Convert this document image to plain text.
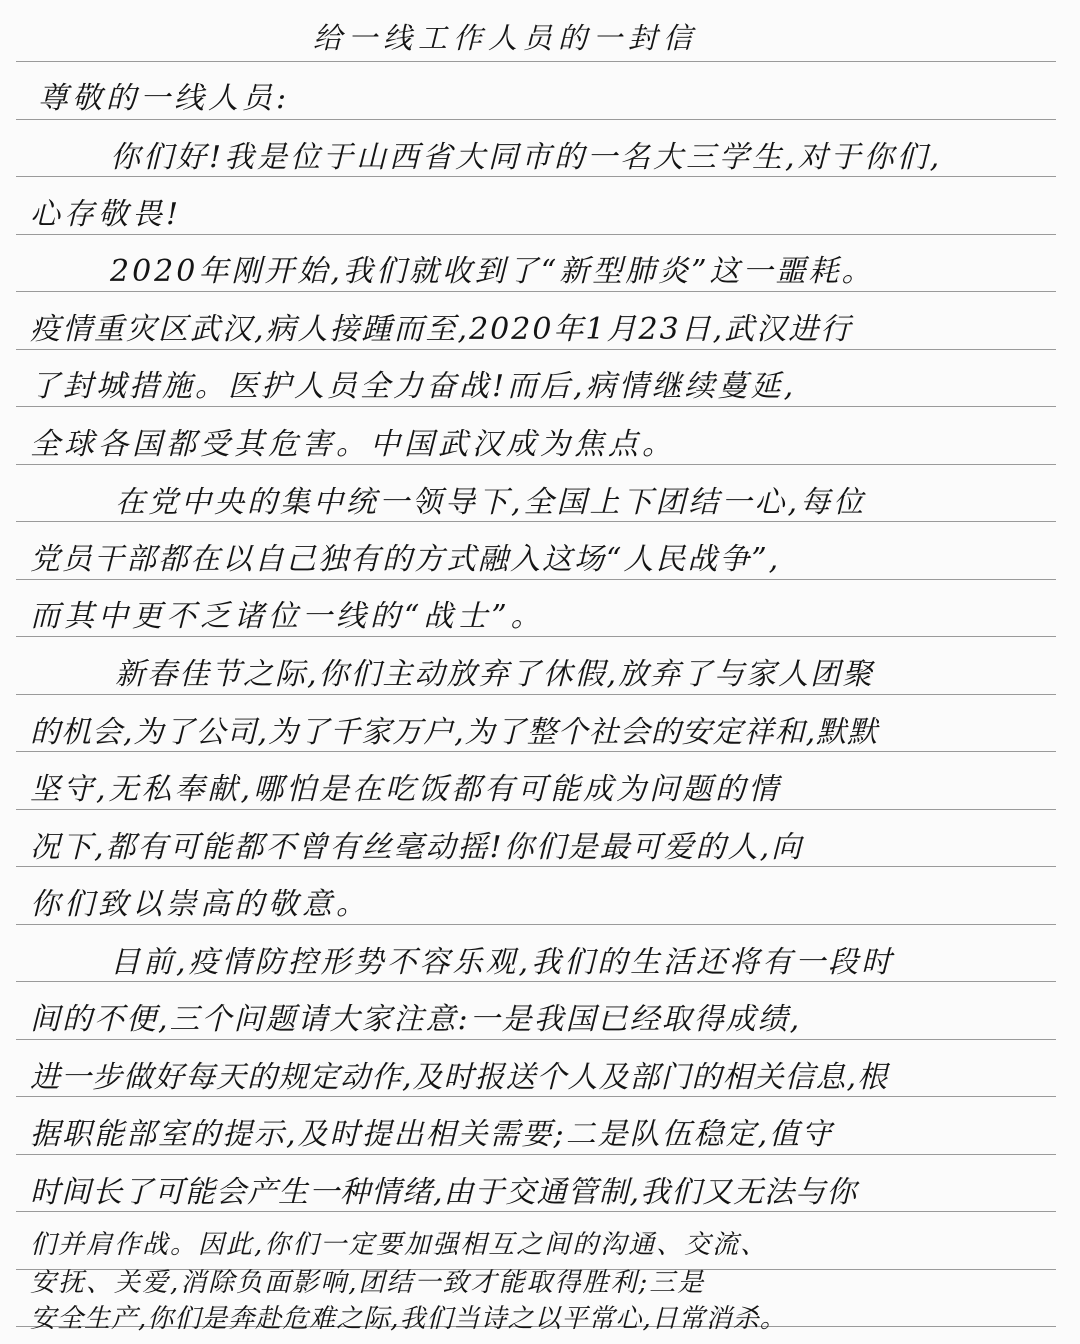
给一线工作人员的一封信

尊敬的一线人员:

你们好!我是位于山西省大同市的一名大三学生,对于你们,

心存敬畏!

2020年刚开始,我们就收到了“新型肺炎”这一噩耗。

疫情重灾区武汉,病人接踵而至,2020年1月23日,武汉进行

了封城措施。医护人员全力奋战!而后,病情继续蔓延,

全球各国都受其危害。中国武汉成为焦点。

在党中央的集中统一领导下,全国上下团结一心,每位

党员干部都在以自己独有的方式融入这场“人民战争”,

而其中更不乏诸位一线的“战士”。

新春佳节之际,你们主动放弃了休假,放弃了与家人团聚

的机会,为了公司,为了千家万户,为了整个社会的安定祥和,默默

坚守,无私奉献,哪怕是在吃饭都有可能成为问题的情

况下,都有可能都不曾有丝毫动摇!你们是最可爱的人,向

你们致以崇高的敬意。

目前,疫情防控形势不容乐观,我们的生活还将有一段时

间的不便,三个问题请大家注意:一是我国已经取得成绩,

进一步做好每天的规定动作,及时报送个人及部门的相关信息,根

据职能部室的提示,及时提出相关需要;二是队伍稳定,值守

时间长了可能会产生一种情绪,由于交通管制,我们又无法与你

们并肩作战。因此,你们一定要加强相互之间的沟通、交流、

安抚、关爱,消除负面影响,团结一致才能取得胜利;三是

安全生产,你们是奔赴危难之际,我们当诗之以平常心,日常消杀。
